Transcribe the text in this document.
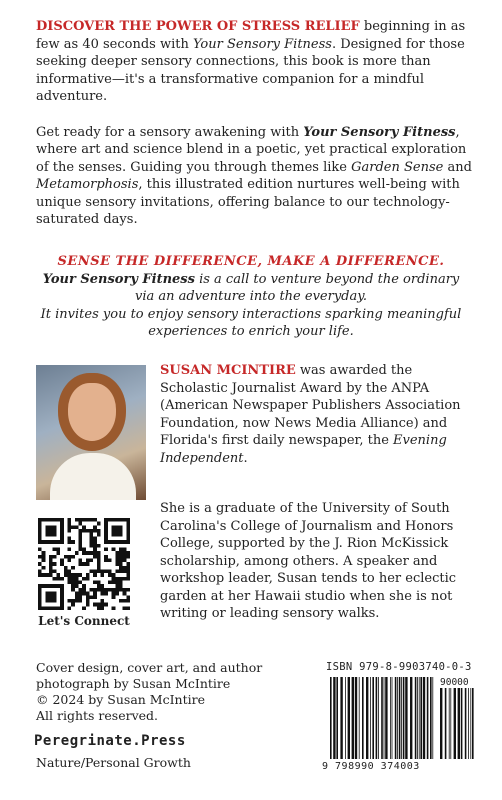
DISCOVER THE POWER OF STRESS RELIEF beginning in as few as 40 seconds with Your Sensory Fitness. Designed for those seeking deeper sensory connections, this book is more than informative—it's a transformative companion for a mindful adventure.

Get ready for a sensory awakening with Your Sensory Fitness, where art and science blend in a poetic, yet practical exploration of the senses. Guiding you through themes like Garden Sense and Metamorphosis, this illustrated edition nurtures well-being with unique sensory invitations, offering balance to our technology-saturated days.

SENSE THE DIFFERENCE, MAKE A DIFFERENCE.
Your Sensory Fitness is a call to venture beyond the ordinary via an adventure into the everyday.
It invites you to enjoy sensory interactions sparking meaningful experiences to enrich your life.
SUSAN MCINTIRE was awarded the Scholastic Journalist Award by the ANPA (American Newspaper Publishers Association Foundation, now News Media Alliance) and Florida's first daily newspaper, the Evening Independent.
She is a graduate of the University of South Carolina's College of Journalism and Honors College, supported by the J. Rion McKissick scholarship, among others. A speaker and workshop leader, Susan tends to her eclectic garden at her Hawaii studio when she is not writing or leading sensory walks.
Let's Connect
Cover design, cover art, and author
photograph by Susan McIntire
© 2024 by Susan McIntire
All rights reserved.
Peregrinate.Press
Nature/Personal Growth
ISBN 979-8-9903740-0-3
90000
9 798990 374003
